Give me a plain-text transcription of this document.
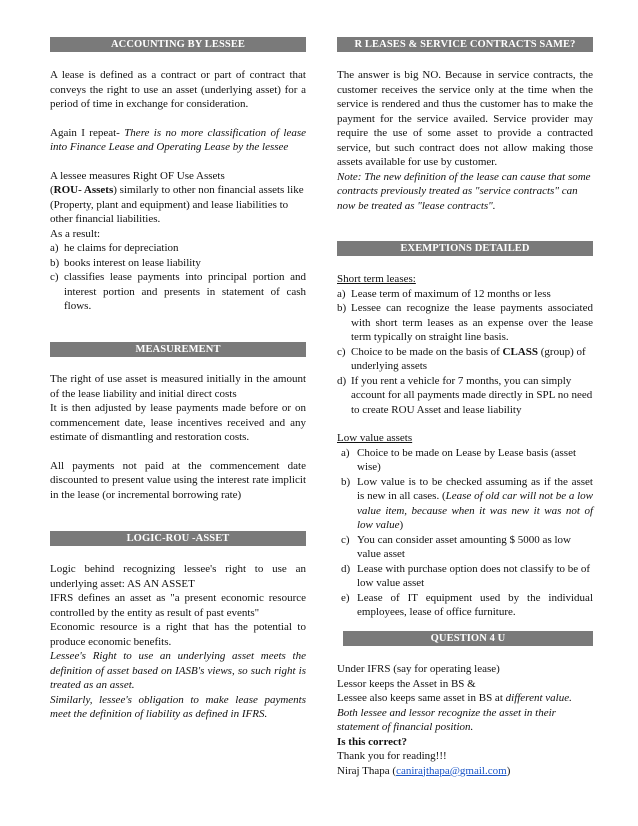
ACCOUNTING BY LESSEE

A lease is defined as a contract or part of contract that conveys the right to use an asset (underlying asset) for a period of time in exchange for consideration.

Again I repeat- There is no more classification of lease into Finance Lease and Operating Lease by the lessee

A lessee measures Right OF Use Assets

(ROU- Assets) similarly to other non financial assets like (Property, plant and equipment) and lease liabilities to other financial liabilities.

As a result:

a) he claims for depreciation
b) books interest on lease liability
c) classifies lease payments into principal portion and interest portion and presents in statement of cash flows.
MEASUREMENT

The right of use asset is measured initially in the amount of the lease liability and initial direct costs

It is then adjusted by lease payments made before or on commencement date, lease incentives received and any estimate of dismantling and restoration costs.

All payments not paid at the commencement date discounted to present value using the interest rate implicit in the lease (or incremental borrowing rate)

LOGIC-ROU -ASSET

Logic behind recognizing lessee's right to use an underlying asset: AS AN ASSET

IFRS defines an asset as "a present economic resource controlled by the entity as result of past events"

Economic resource is a right that has the potential to produce economic benefits.

Lessee's Right to use an underlying asset meets the definition of asset based on IASB's views, so such right is treated as an asset.

Similarly, lessee's obligation to make lease payments meet the definition of liability as defined in IFRS.

R LEASES & SERVICE CONTRACTS SAME?

The answer is big NO. Because in service contracts, the customer receives the service only at the time when the service is rendered and thus the customer has to make the payment for the service availed. Service provider may require the use of some asset to provide a contracted service, but such contract does not allow making those assets available for use by customer.

Note: The new definition of the lease can cause that some contracts previously treated as "service contracts" can now be treated as "lease contracts".

EXEMPTIONS DETAILED

Short term leases:

a) Lease term of maximum of 12 months or less
b) Lessee can recognize the lease payments associated with short term leases as an expense over the lease term typically on straight line basis.
c) Choice to be made on the basis of CLASS (group) of underlying assets
d) If you rent a vehicle for 7 months, you can simply account for all payments made directly in SPL no need to create ROU Asset and lease liability

Low value assets

a) Choice to be made on Lease by Lease basis (asset wise)
b) Low value is to be checked assuming as if the asset is new in all cases. (Lease of old car will not be a low value item, because when it was new it was not of low value)
c) You can consider asset amounting $ 5000 as low value asset
d) Lease with purchase option does not classify to be of low value asset
e) Lease of IT equipment used by the individual employees, lease of office furniture.
QUESTION 4 U

Under IFRS (say for operating lease)

Lessor keeps the Asset in BS &

Lessee also keeps same asset in BS at different value.

Both lessee and lessor recognize the asset in their statement of financial position.

Is this correct?

Thank you for reading!!!

Niraj Thapa (canirajthapa@gmail.com)
